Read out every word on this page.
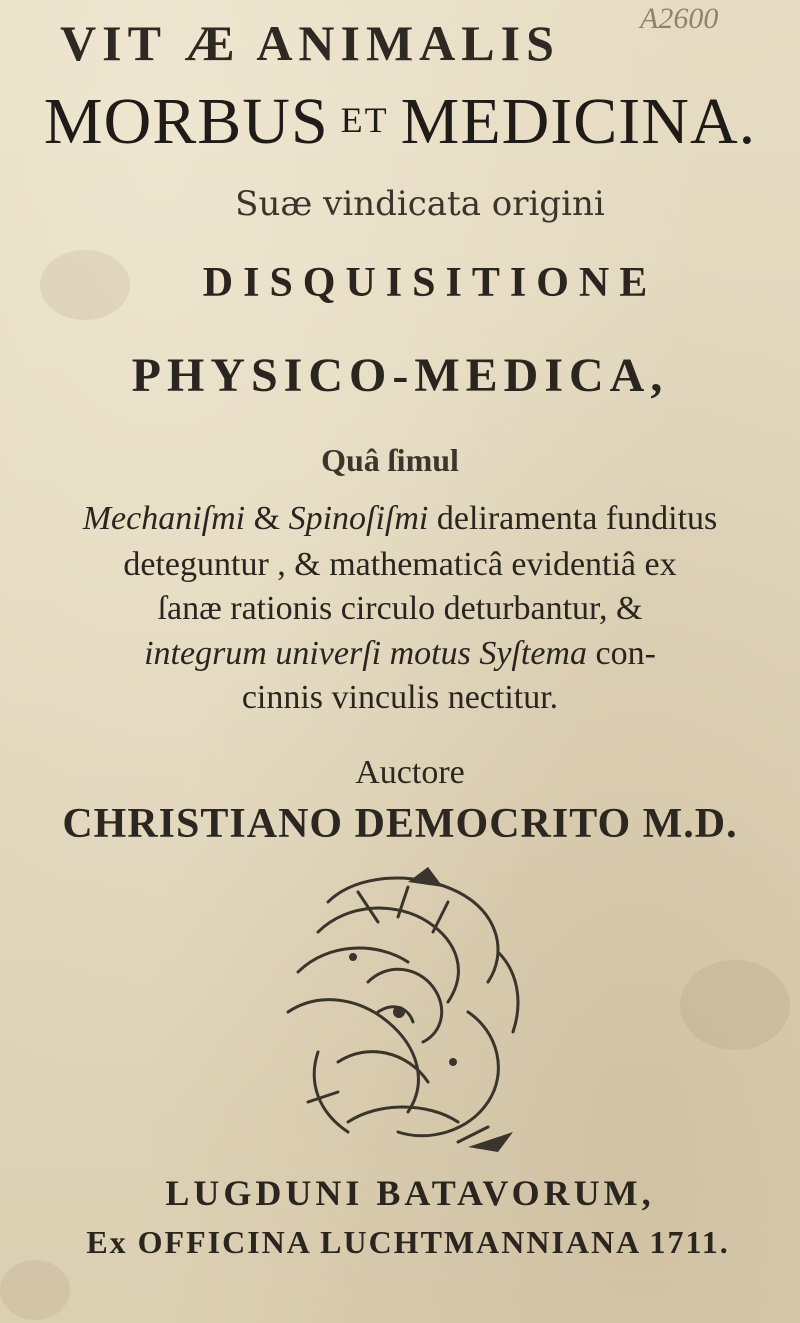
VIT Æ ANIMALIS	A2600
MORBUS ET MEDICINA.
Suæ vindicata origini
DISQUISITIONE
PHYSICO-MEDICA,
Quâ ſimul
Mechaniſmi & Spinoſiſmi deliramenta funditus
deteguntur , & mathematicâ evidentiâ ex
ſanæ rationis circulo deturbantur, &
integrum univerſi motus Syſtema con-
cinnis vinculis nectitur.
Auctore
CHRISTIANO DEMOCRITO M.D.
LUGDUNI BATAVORUM,
Ex OFFICINA LUCHTMANNIANA 1711.
